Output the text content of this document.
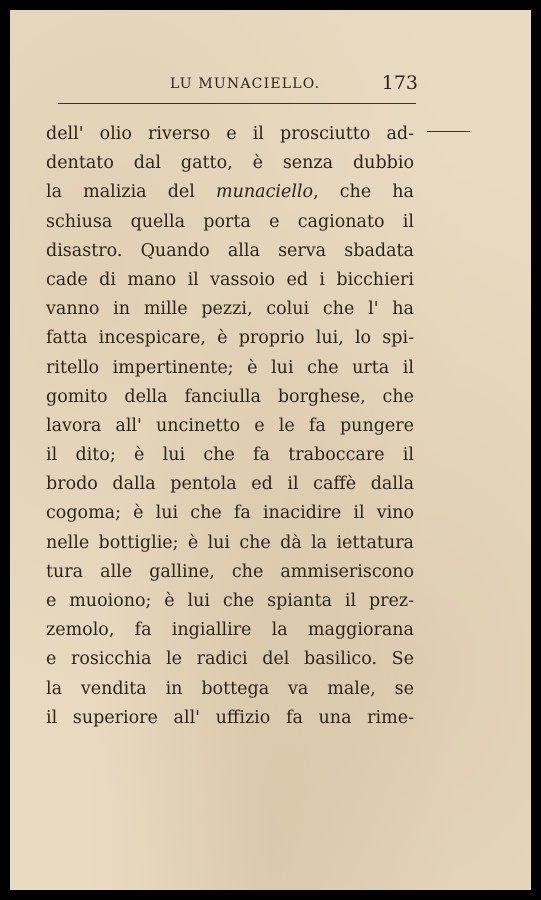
LU MUNACIELLO.	173
dell' olio riverso e il prosciutto ad-
dentato dal gatto, è senza dubbio
la malizia del munaciello, che ha
schiusa quella porta e cagionato il
disastro. Quando alla serva sbadata
cade di mano il vassoio ed i bicchieri
vanno in mille pezzi, colui che l' ha
fatta incespicare, è proprio lui, lo spi-
ritello impertinente; è lui che urta il
gomito della fanciulla borghese, che
lavora all' uncinetto e le fa pungere
il dito; è lui che fa traboccare il
brodo dalla pentola ed il caffè dalla
cogoma; è lui che fa inacidire il vino
nelle bottiglie; è lui che dà la iettatura
tura alle galline, che ammiseriscono
e muoiono; è lui che spianta il prez-
zemolo, fa ingiallire la maggiorana
e rosicchia le radici del basilico. Se
la vendita in bottega va male, se
il superiore all' uffizio fa una rime-
